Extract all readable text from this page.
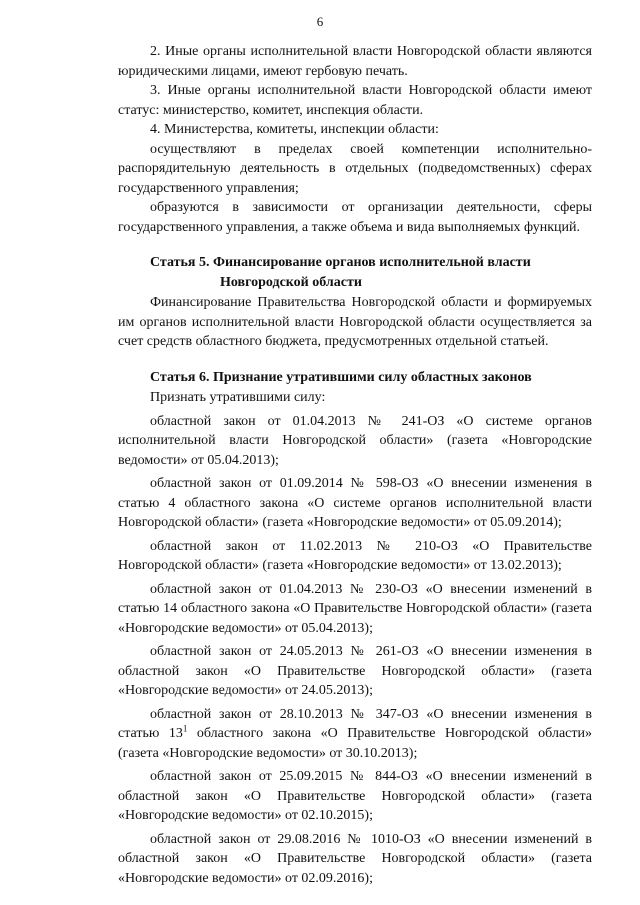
6

2. Иные органы исполнительной власти Новгородской области являются юридическими лицами, имеют гербовую печать.

3. Иные органы исполнительной власти Новгородской области имеют статус: министерство, комитет, инспекция области.

4. Министерства, комитеты, инспекции области:

осуществляют в пределах своей компетенции исполнительно-распорядительную деятельность в отдельных (подведомственных) сферах государственного управления;

образуются в зависимости от организации деятельности, сферы государственного управления, а также объема и вида выполняемых функций.

Статья 5. Финансирование органов исполнительной власти
Новгородской области

Финансирование Правительства Новгородской области и формируемых им органов исполнительной власти Новгородской области осуществляется за счет средств областного бюджета, предусмотренных отдельной статьей.

Статья 6. Признание утратившими силу областных законов

Признать утратившими силу:

областной закон от 01.04.2013 № 241-ОЗ «О системе органов исполнительной власти Новгородской области» (газета «Новгородские ведомости» от 05.04.2013);

областной закон от 01.09.2014 № 598-ОЗ «О внесении изменения в статью 4 областного закона «О системе органов исполнительной власти Новгородской области» (газета «Новгородские ведомости» от 05.09.2014);

областной закон от 11.02.2013 № 210-ОЗ «О Правительстве Новгородской области» (газета «Новгородские ведомости» от 13.02.2013);

областной закон от 01.04.2013 № 230-ОЗ «О внесении изменений в статью 14 областного закона «О Правительстве Новгородской области» (газета «Новгородские ведомости» от 05.04.2013);

областной закон от 24.05.2013 № 261-ОЗ «О внесении изменения в областной закон «О Правительстве Новгородской области» (газета «Новгородские ведомости» от 24.05.2013);

областной закон от 28.10.2013 № 347-ОЗ «О внесении изменения в статью $13^1$ областного закона «О Правительстве Новгородской области» (газета «Новгородские ведомости» от 30.10.2013);

областной закон от 25.09.2015 № 844-ОЗ «О внесении изменений в областной закон «О Правительстве Новгородской области» (газета «Новгородские ведомости» от 02.10.2015);

областной закон от 29.08.2016 № 1010-ОЗ «О внесении изменений в областной закон «О Правительстве Новгородской области» (газета «Новгородские ведомости» от 02.09.2016);
